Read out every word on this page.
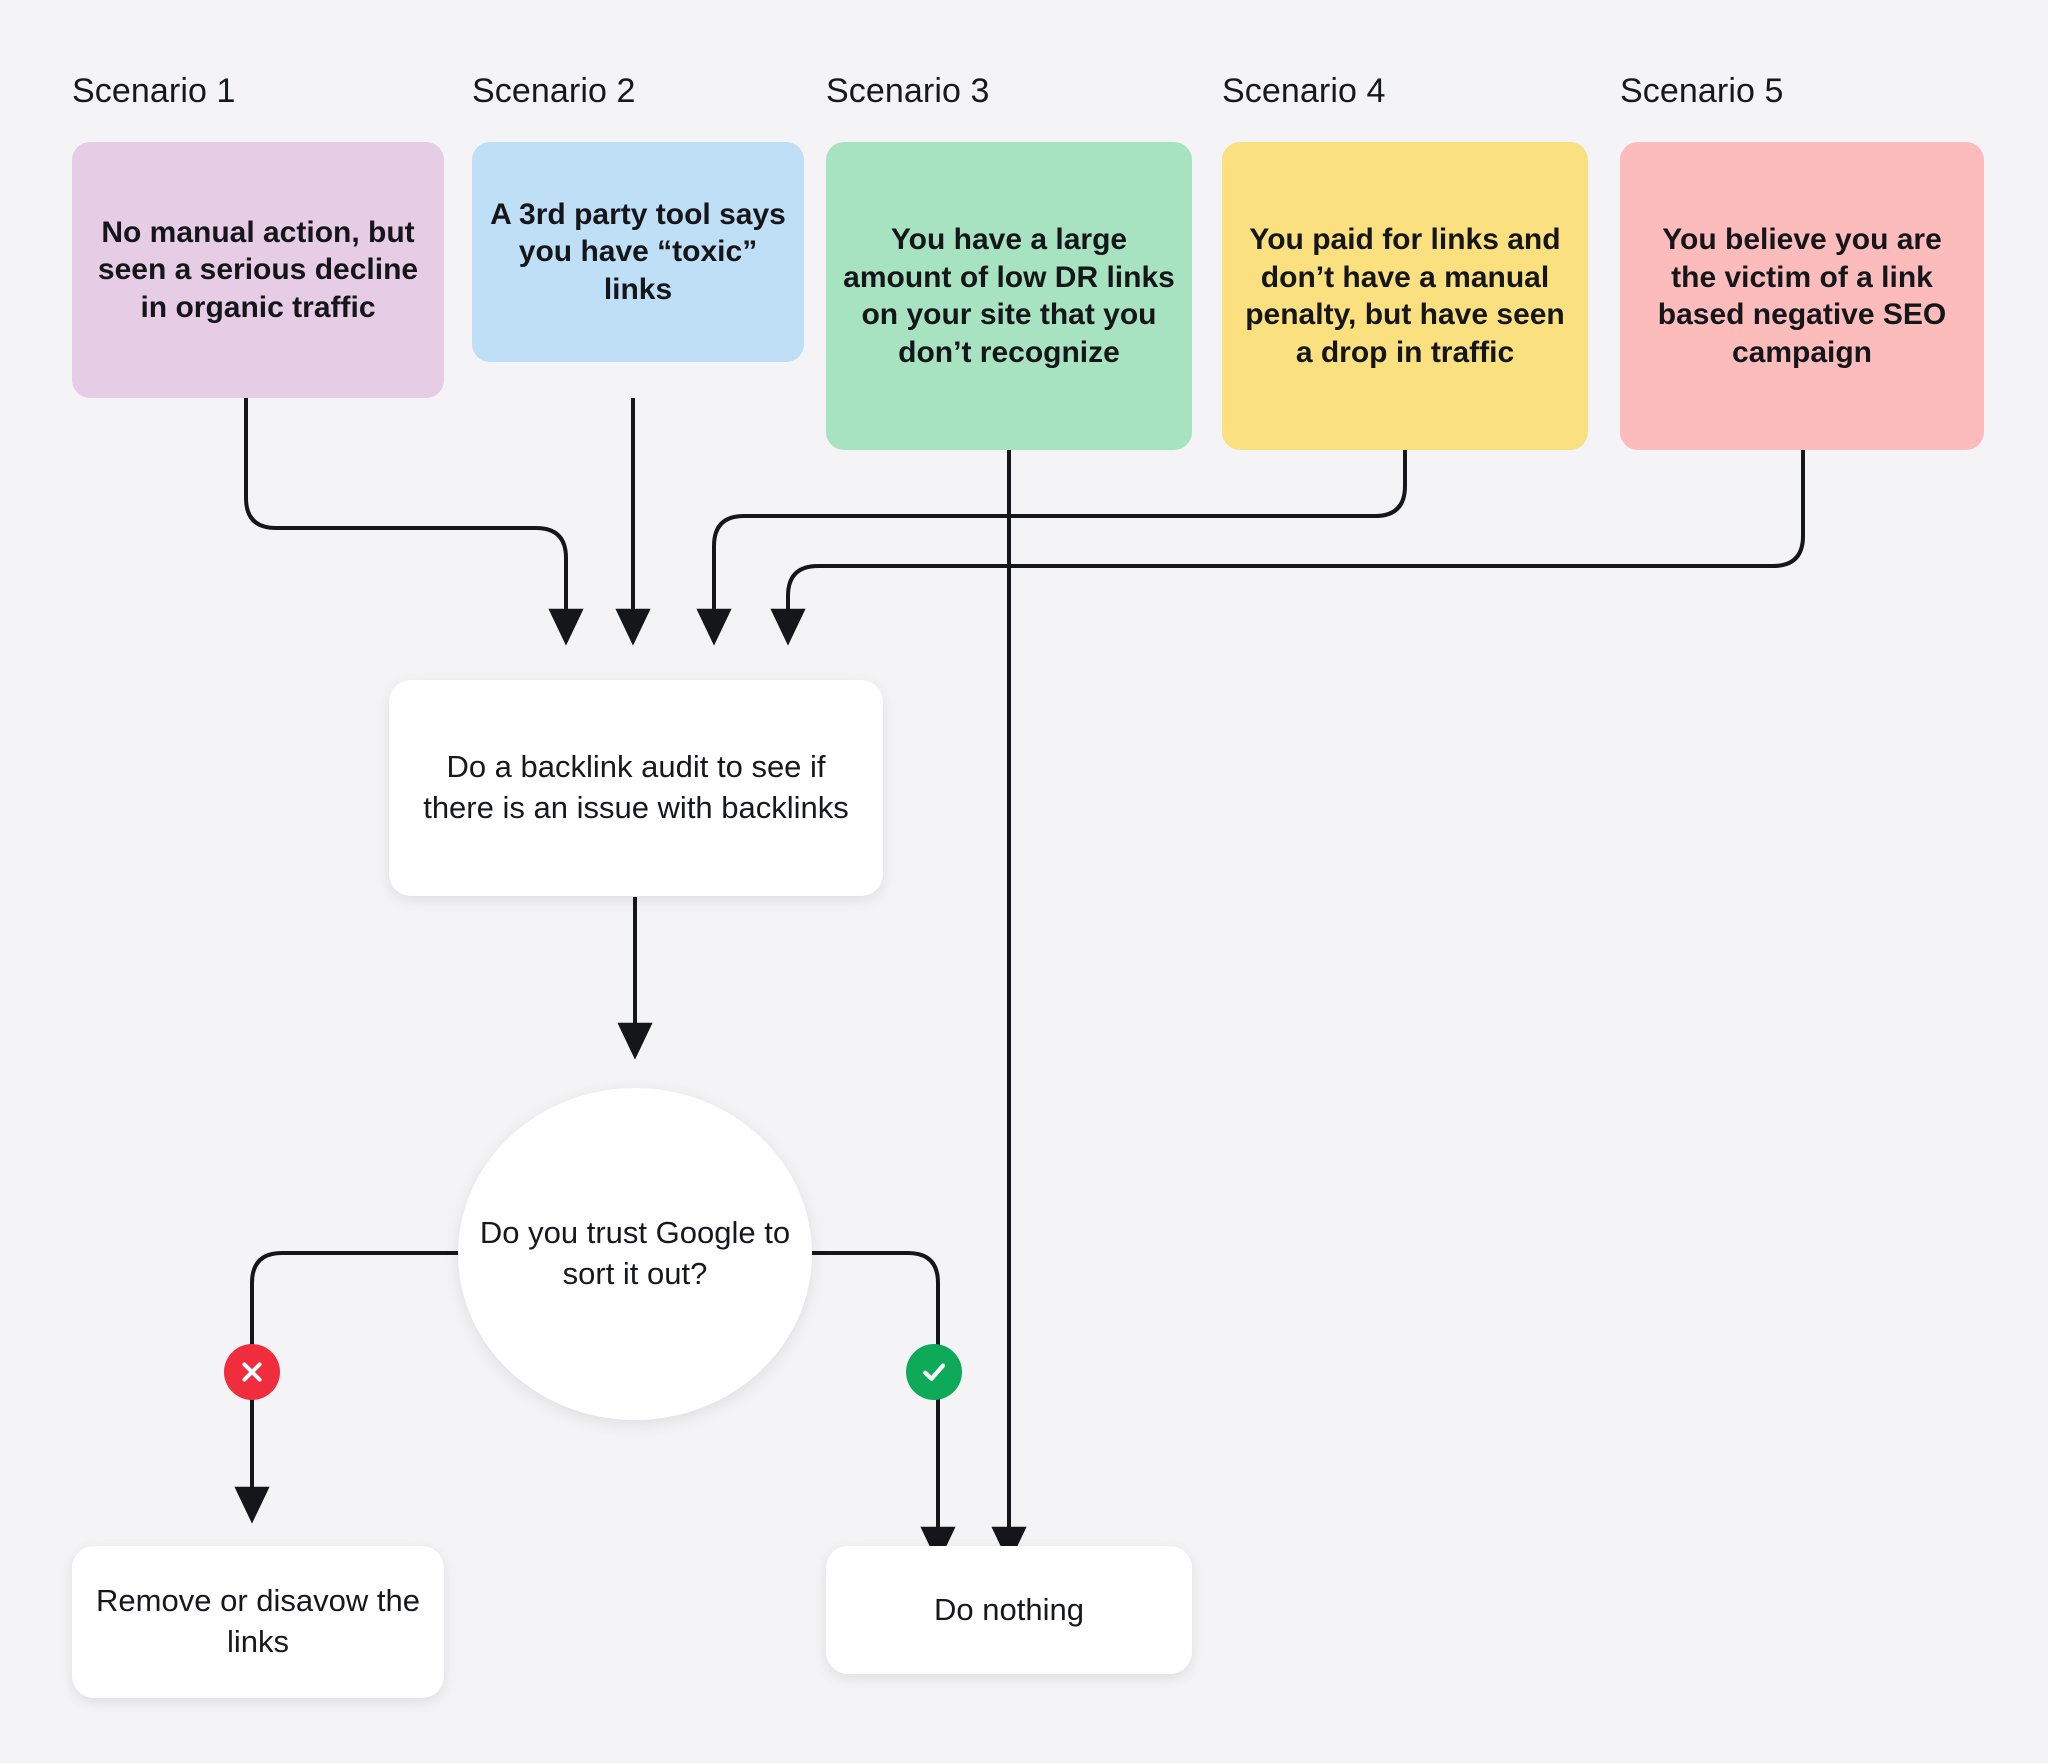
Scenario 1	Scenario 2	Scenario 3	Scenario 4	Scenario 5
No manual action, but seen a serious decline in organic traffic
A 3rd party tool says you have “toxic” links
You have a large amount of low DR links on your site that you don’t recognize
You paid for links and don’t have a manual penalty, but have seen a drop in traffic
You believe you are the victim of a link based negative SEO campaign
Do a backlink audit to see if there is an issue with backlinks
Do you trust Google to sort it out?
Remove or disavow the links
Do nothing
